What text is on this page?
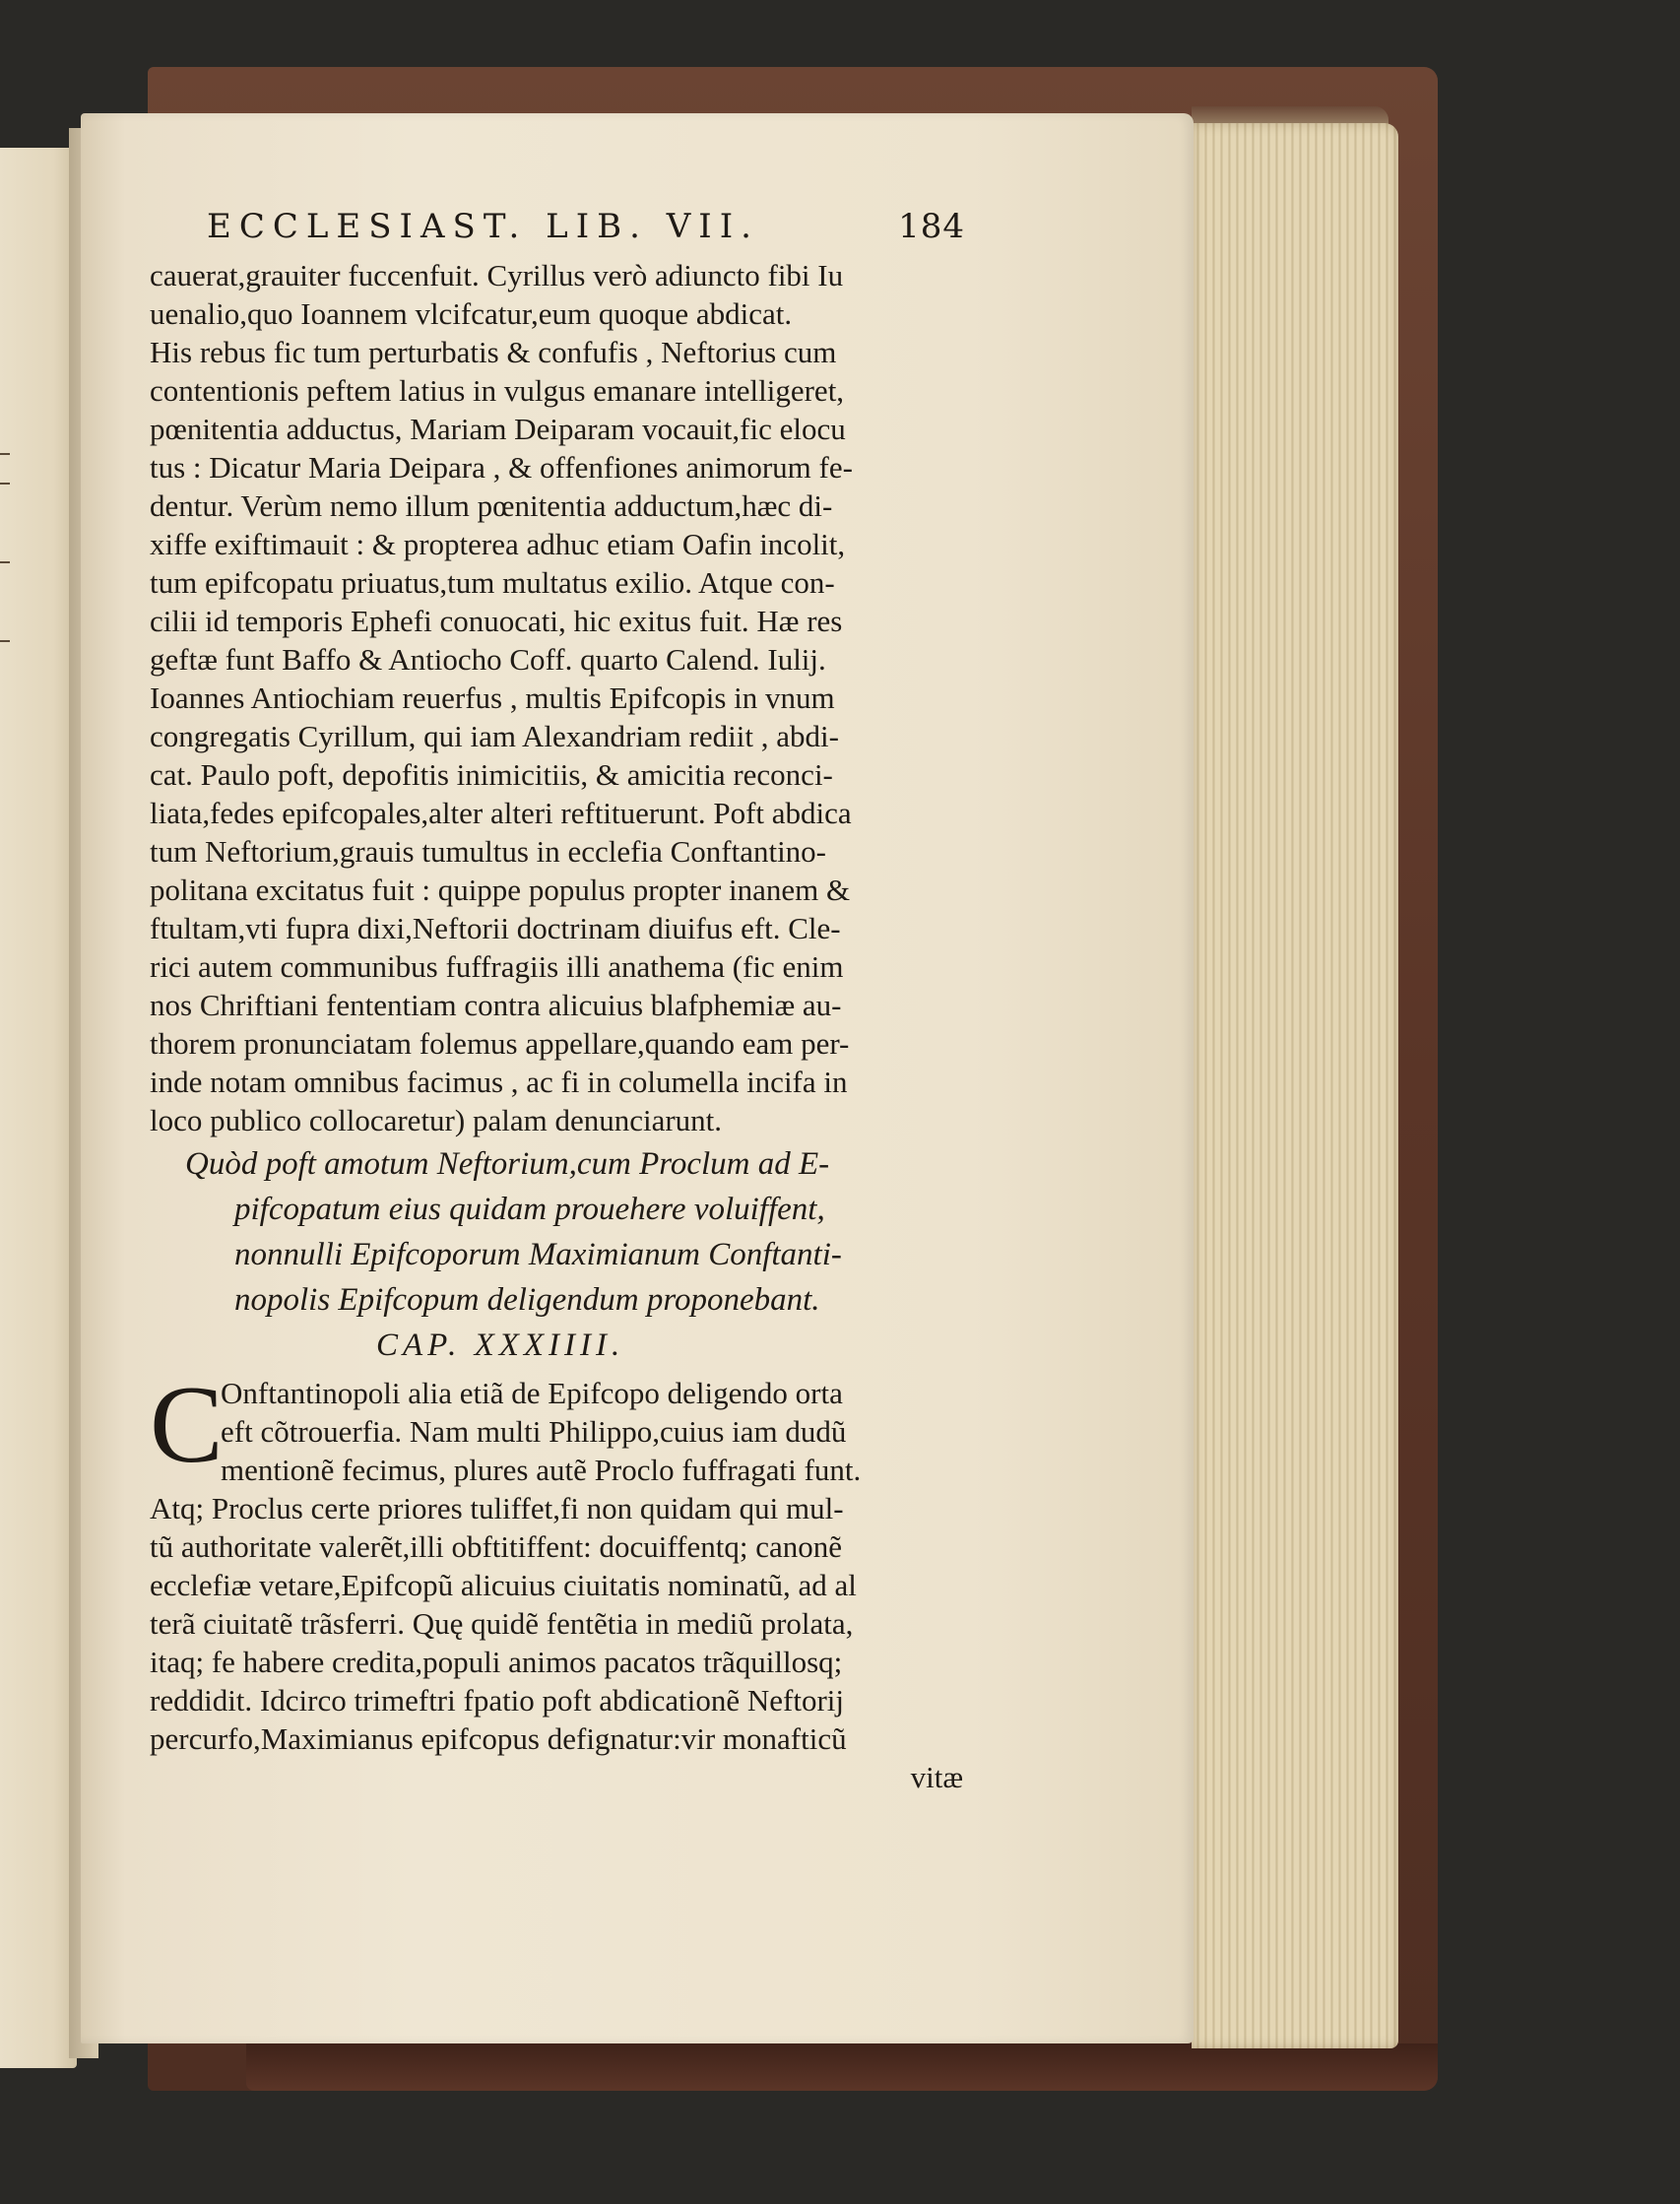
ECCLESIAST. LIB. VII.	184
cauerat,grauiter fuccenfuit. Cyrillus verò adiuncto fibi Iu
uenalio,quo Ioannem vlcifcatur,eum quoque abdicat.
His rebus fic tum perturbatis & confufis , Neftorius cum
contentionis peftem latius in vulgus emanare intelligeret,
pœnitentia adductus, Mariam Deiparam vocauit,fic elocu
tus : Dicatur Maria Deipara , & offenfiones animorum fe-
dentur. Verùm nemo illum pœnitentia adductum,hæc di-
xiffe exiftimauit : & propterea adhuc etiam Oafin incolit,
tum epifcopatu priuatus,tum multatus exilio. Atque con-
cilii id temporis Ephefi conuocati, hic exitus fuit. Hæ res
geftæ funt Baffo & Antiocho Coff. quarto Calend. Iulij.
Ioannes Antiochiam reuerfus , multis Epifcopis in vnum
congregatis Cyrillum, qui iam Alexandriam rediit , abdi-
cat. Paulo poft, depofitis inimicitiis, & amicitia reconci-
liata,fedes epifcopales,alter alteri reftituerunt. Poft abdica
tum Neftorium,grauis tumultus in ecclefia Conftantino-
politana excitatus fuit : quippe populus propter inanem &
ftultam,vti fupra dixi,Neftorii doctrinam diuifus eft. Cle-
rici autem communibus fuffragiis illi anathema (fic enim
nos Chriftiani fententiam contra alicuius blafphemiæ au-
thorem pronunciatam folemus appellare,quando eam per-
inde notam omnibus facimus , ac fi in columella incifa in
loco publico collocaretur) palam denunciarunt.
Quòd poft amotum Neftorium,cum Proclum ad E-
pifcopatum eius quidam prouehere voluiffent,
nonnulli Epifcoporum Maximianum Conftanti-
nopolis Epifcopum deligendum proponebant.
CAP. XXXIIII.
C
Onftantinopoli alia etiã de Epifcopo deligendo orta
eft cõtrouerfia. Nam multi Philippo,cuius iam dudũ
mentionẽ fecimus, plures autẽ Proclo fuffragati funt.
Atq; Proclus certe priores tuliffet,fi non quidam qui mul-
tũ authoritate valerẽt,illi obftitiffent: docuiffentq; canonẽ
ecclefiæ vetare,Epifcopũ alicuius ciuitatis nominatũ, ad al
terã ciuitatẽ trãsferri. Quę quidẽ fentẽtia in mediũ prolata,
itaq; fe habere credita,populi animos pacatos trãquillosq;
reddidit. Idcirco trimeftri fpatio poft abdicationẽ Neftorij
percurfo,Maximianus epifcopus defignatur:vir monafticũ
vitæ
